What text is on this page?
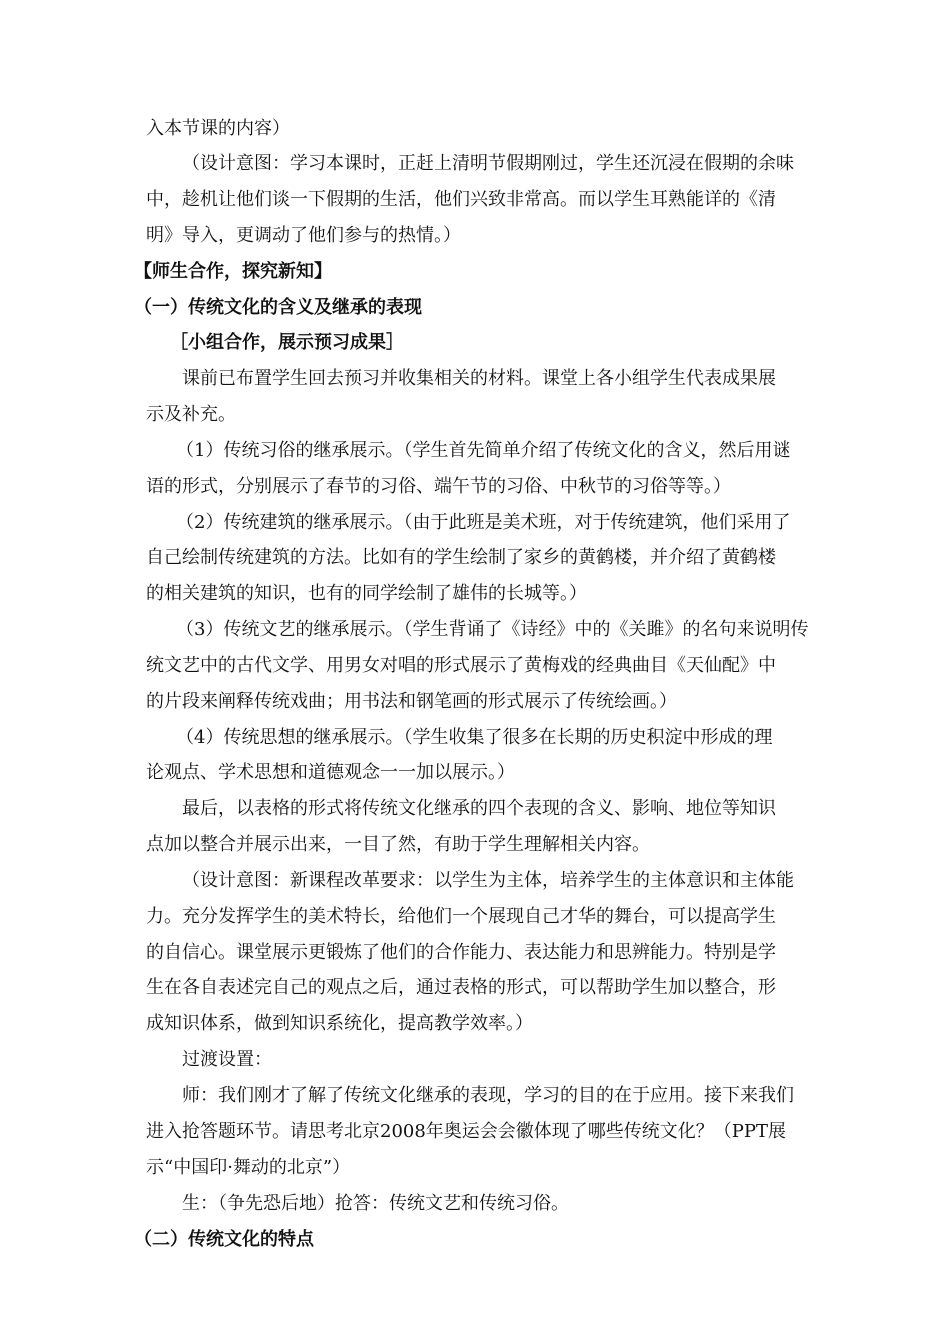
入本节课的内容）
（设计意图：学习本课时，正赶上清明节假期刚过，学生还沉浸在假期的余味
中，趁机让他们谈一下假期的生活，他们兴致非常高。而以学生耳熟能详的《清
明》导入，更调动了他们参与的热情。）
【师生合作，探究新知】
（一）传统文化的含义及继承的表现
［小组合作，展示预习成果］
课前已布置学生回去预习并收集相关的材料。课堂上各小组学生代表成果展
示及补充。
（1）传统习俗的继承展示。（学生首先简单介绍了传统文化的含义，然后用谜
语的形式，分别展示了春节的习俗、端午节的习俗、中秋节的习俗等等。）
（2）传统建筑的继承展示。（由于此班是美术班，对于传统建筑，他们采用了
自己绘制传统建筑的方法。比如有的学生绘制了家乡的黄鹤楼，并介绍了黄鹤楼
的相关建筑的知识，也有的同学绘制了雄伟的长城等。）
（3）传统文艺的继承展示。（学生背诵了《诗经》中的《关雎》的名句来说明传
统文艺中的古代文学、用男女对唱的形式展示了黄梅戏的经典曲目《天仙配》中
的片段来阐释传统戏曲；用书法和钢笔画的形式展示了传统绘画。）
（4）传统思想的继承展示。（学生收集了很多在长期的历史积淀中形成的理
论观点、学术思想和道德观念一一加以展示。）
最后，以表格的形式将传统文化继承的四个表现的含义、影响、地位等知识
点加以整合并展示出来，一目了然，有助于学生理解相关内容。
（设计意图：新课程改革要求：以学生为主体，培养学生的主体意识和主体能
力。充分发挥学生的美术特长，给他们一个展现自己才华的舞台，可以提高学生
的自信心。课堂展示更锻炼了他们的合作能力、表达能力和思辨能力。特别是学
生在各自表述完自己的观点之后，通过表格的形式，可以帮助学生加以整合，形
成知识体系，做到知识系统化，提高教学效率。）
过渡设置：
师：我们刚才了解了传统文化继承的表现，学习的目的在于应用。接下来我们
进入抢答题环节。请思考北京2008年奥运会会徽体现了哪些传统文化？（PPT展
示“中国印·舞动的北京”）
生：（争先恐后地）抢答：传统文艺和传统习俗。
（二）传统文化的特点
